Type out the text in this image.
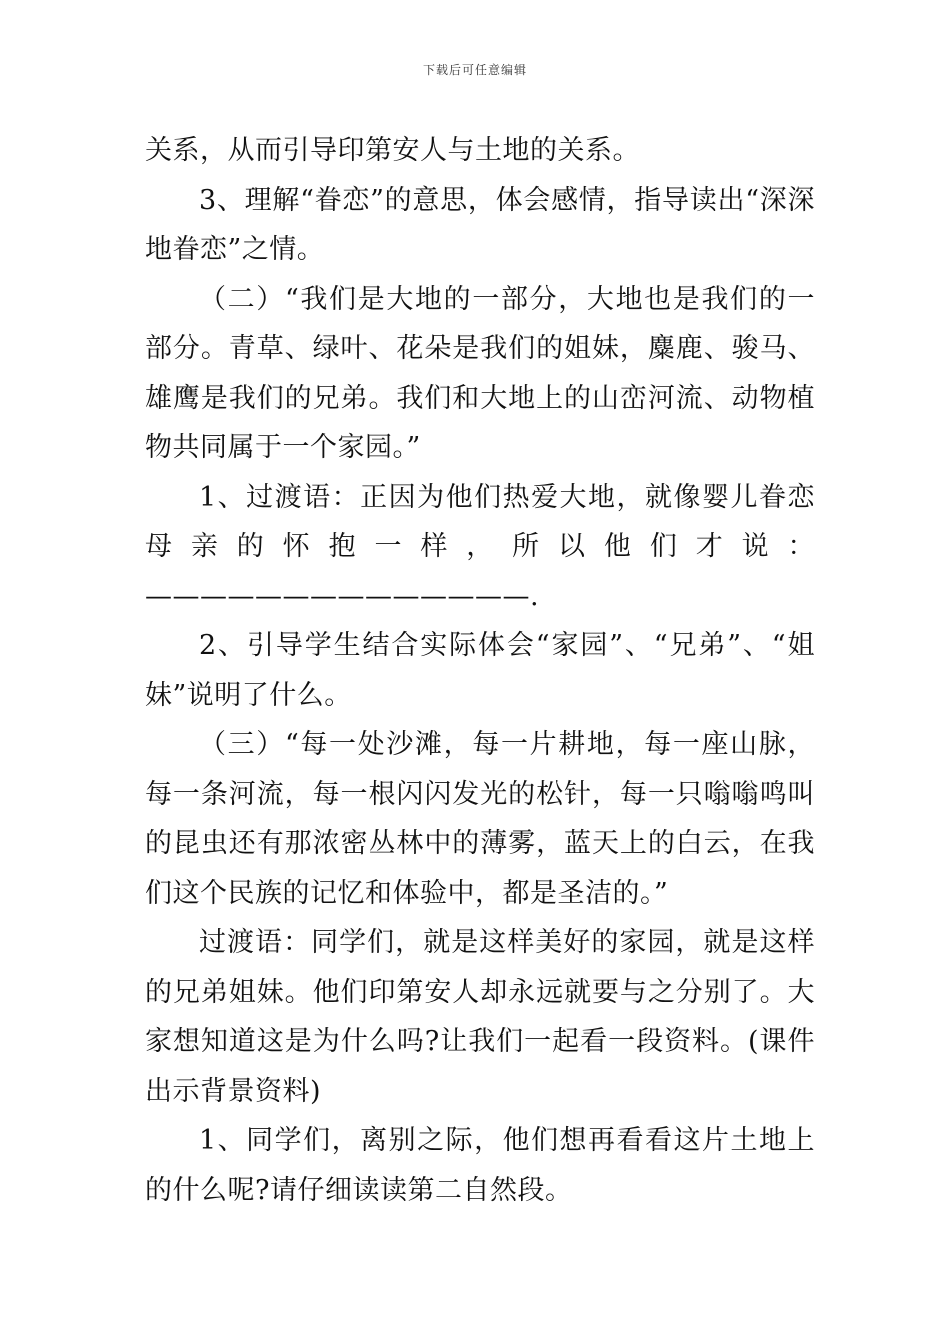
下载后可任意编辑

关系，从而引导印第安人与土地的关系。

3、理解“眷恋”的意思，体会感情，指导读出“深深地眷恋”之情。

（二）“我们是大地的一部分，大地也是我们的一部分。青草、绿叶、花朵是我们的姐妹，麋鹿、骏马、雄鹰是我们的兄弟。我们和大地上的山峦河流、动物植物共同属于一个家园。”

1、过渡语：正因为他们热爱大地，就像婴儿眷恋母亲的怀抱一样，所以他们才说：——————————————.

2、引导学生结合实际体会“家园”、“兄弟”、“姐妹”说明了什么。

（三）“每一处沙滩，每一片耕地，每一座山脉，每一条河流，每一根闪闪发光的松针，每一只嗡嗡鸣叫的昆虫还有那浓密丛林中的薄雾，蓝天上的白云，在我们这个民族的记忆和体验中，都是圣洁的。”

过渡语：同学们，就是这样美好的家园，就是这样的兄弟姐妹。他们印第安人却永远就要与之分别了。大家想知道这是为什么吗?让我们一起看一段资料。(课件出示背景资料)

1、同学们，离别之际，他们想再看看这片土地上的什么呢?请仔细读读第二自然段。
